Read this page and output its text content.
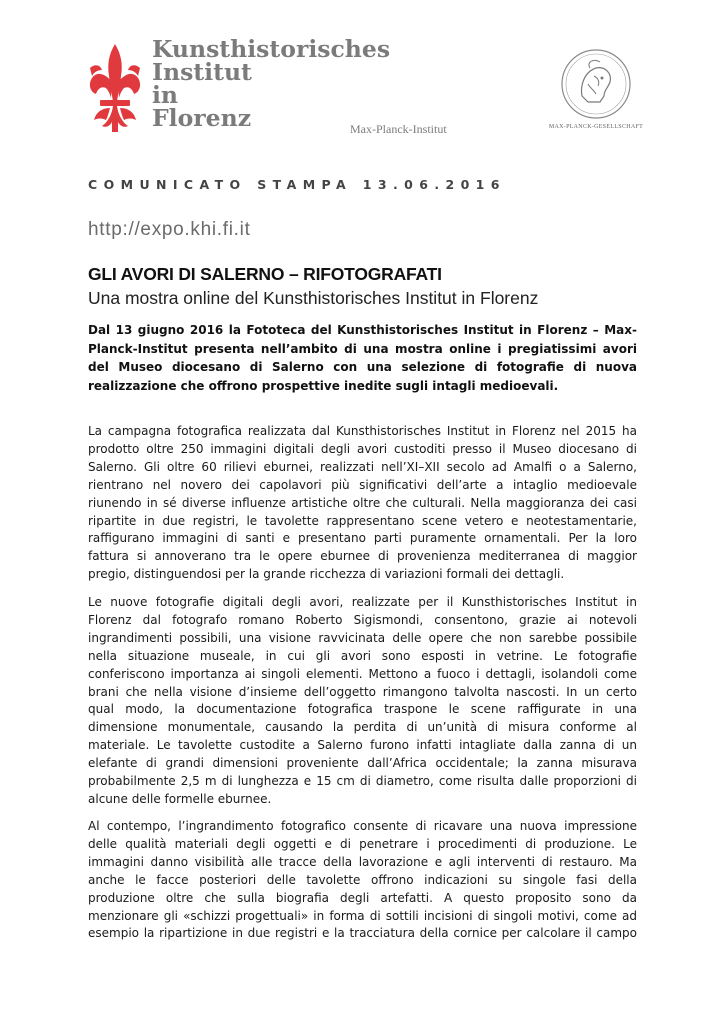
Kunsthistorisches
Institut
in
Florenz	Max-Planck-Institut	MAX-PLANCK-GESELLSCHAFT
COMUNICATO STAMPA 13.06.2016
http://expo.khi.fi.it
GLI AVORI DI SALERNO – RIFOTOGRAFATI
Una mostra online del Kunsthistorisches Institut in Florenz
Dal 13 giugno 2016 la Fototeca del Kunsthistorisches Institut in Florenz – Max-Planck-Institut presenta nell’ambito di una mostra online i pregiatissimi avori del Museo diocesano di Salerno con una selezione di fotografie di nuova realizzazione che offrono prospettive inedite sugli intagli medioevali.
La campagna fotografica realizzata dal Kunsthistorisches Institut in Florenz nel 2015 ha
prodotto oltre 250 immagini digitali degli avori custoditi presso il Museo diocesano di
Salerno. Gli oltre 60 rilievi eburnei, realizzati nell’XI–XII secolo ad Amalfi o a Salerno,
rientrano nel novero dei capolavori più significativi dell’arte a intaglio medioevale
riunendo in sé diverse influenze artistiche oltre che culturali. Nella maggioranza dei casi
ripartite in due registri, le tavolette rappresentano scene vetero e neotestamentarie,
raffigurano immagini di santi e presentano parti puramente ornamentali. Per la loro
fattura si annoverano tra le opere eburnee di provenienza mediterranea di maggior
pregio, distinguendosi per la grande ricchezza di variazioni formali dei dettagli.
Le nuove fotografie digitali degli avori, realizzate per il Kunsthistorisches Institut in
Florenz dal fotografo romano Roberto Sigismondi, consentono, grazie ai notevoli
ingrandimenti possibili, una visione ravvicinata delle opere che non sarebbe possibile
nella situazione museale, in cui gli avori sono esposti in vetrine. Le fotografie
conferiscono importanza ai singoli elementi. Mettono a fuoco i dettagli, isolandoli come
brani che nella visione d’insieme dell’oggetto rimangono talvolta nascosti. In un certo
qual modo, la documentazione fotografica traspone le scene raffigurate in una
dimensione monumentale, causando la perdita di un’unità di misura conforme al
materiale. Le tavolette custodite a Salerno furono infatti intagliate dalla zanna di un
elefante di grandi dimensioni proveniente dall’Africa occidentale; la zanna misurava
probabilmente 2,5 m di lunghezza e 15 cm di diametro, come risulta dalle proporzioni di
alcune delle formelle eburnee.
Al contempo, l’ingrandimento fotografico consente di ricavare una nuova impressione
delle qualità materiali degli oggetti e di penetrare i procedimenti di produzione. Le
immagini danno visibilità alle tracce della lavorazione e agli interventi di restauro. Ma
anche le facce posteriori delle tavolette offrono indicazioni su singole fasi della
produzione oltre che sulla biografia degli artefatti. A questo proposito sono da
menzionare gli «schizzi progettuali» in forma di sottili incisioni di singoli motivi, come ad
esempio la ripartizione in due registri e la tracciatura della cornice per calcolare il campo
